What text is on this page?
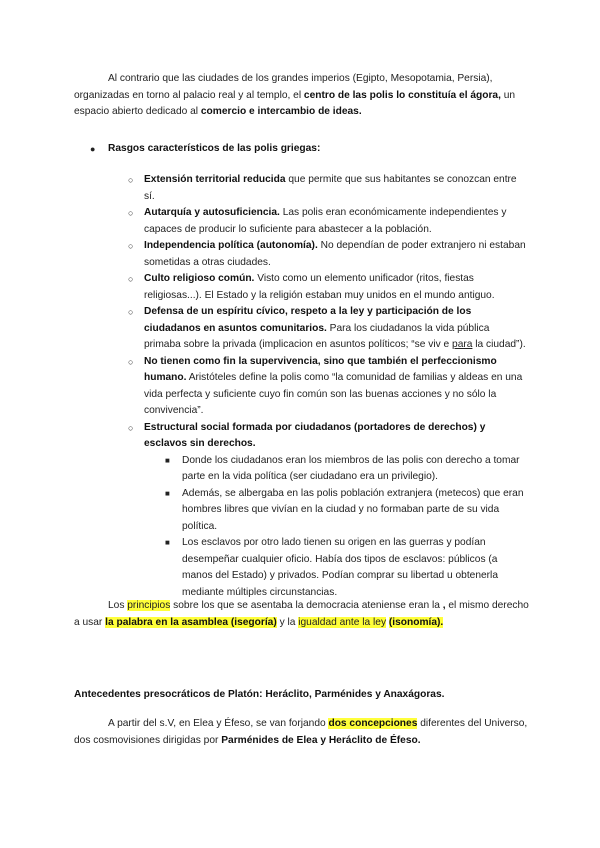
Al contrario que las ciudades de los grandes imperios (Egipto, Mesopotamia, Persia), organizadas en torno al palacio real y al templo, el centro de las polis lo constituía el ágora, un espacio abierto dedicado al comercio e intercambio de ideas.

● Rasgos característicos de las polis griegas:
○ Extensión territorial reducida que permite que sus habitantes se conozcan entre sí.
○ Autarquía y autosuficiencia. Las polis eran económicamente independientes y capaces de producir lo suficiente para abastecer a la población.
○ Independencia política (autonomía). No dependían de poder extranjero ni estaban sometidas a otras ciudades.
○ Culto religioso común. Visto como un elemento unificador (ritos, fiestas religiosas...). El Estado y la religión estaban muy unidos en el mundo antiguo.
○ Defensa de un espíritu cívico, respeto a la ley y participación de los ciudadanos en asuntos comunitarios. Para los ciudadanos la vida pública primaba sobre la privada (implicacion en asuntos políticos; “se viv e para la ciudad”).
○ No tienen como fin la supervivencia, sino que también el perfeccionismo humano. Aristóteles define la polis como “la comunidad de familias y aldeas en una vida perfecta y suficiente cuyo fin común son las buenas acciones y no sólo la convivencia”.
○ Estructural social formada por ciudadanos (portadores de derechos) y esclavos sin derechos.
■ Donde los ciudadanos eran los miembros de las polis con derecho a tomar parte en la vida política (ser ciudadano era un privilegio).
■ Además, se albergaba en las polis población extranjera (metecos) que eran hombres libres que vivían en la ciudad y no formaban parte de su vida política.
■ Los esclavos por otro lado tienen su origen en las guerras y podían desempeñar cualquier oficio. Había dos tipos de esclavos: públicos (a manos del Estado) y privados. Podían comprar su libertad u obtenerla mediante múltiples circunstancias.

Los principios sobre los que se asentaba la democracia ateniense eran la , el mismo derecho a usar la palabra en la asamblea (isegoría) y la igualdad ante la ley (isonomía).

Antecedentes presocráticos de Platón: Heráclito, Parménides y Anaxágoras.

A partir del s.V, en Elea y Éfeso, se van forjando dos concepciones diferentes del Universo, dos cosmovisiones dirigidas por Parménides de Elea y Heráclito de Éfeso.
